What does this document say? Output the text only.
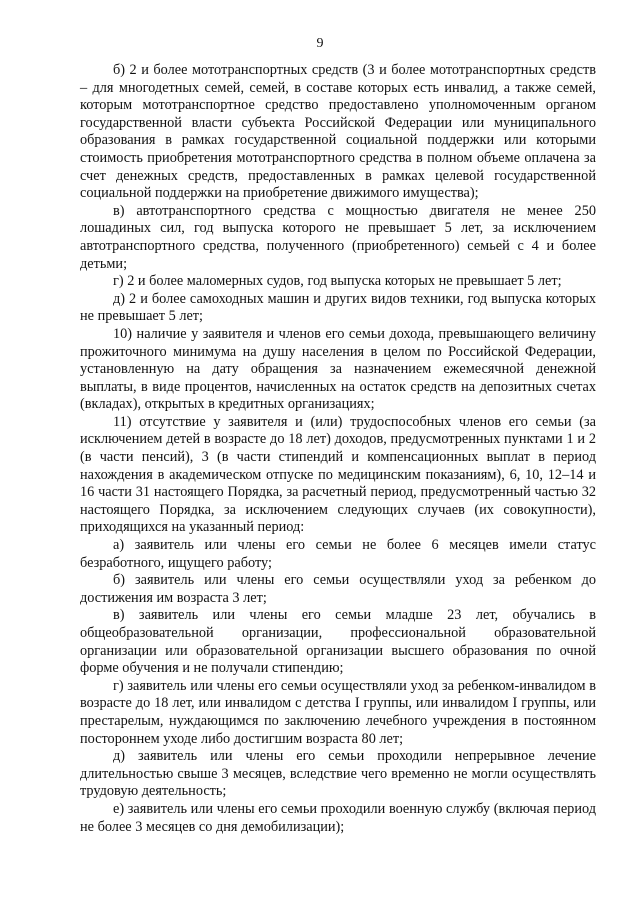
9

б) 2 и более мототранспортных средств (3 и более мототранспортных средств – для многодетных семей, семей, в составе которых есть инвалид, а также семей, которым мототранспортное средство предоставлено уполномоченным органом государственной власти субъекта Российской Федерации или муниципального образования в рамках государственной социальной поддержки или которыми стоимость приобретения мототранспортного средства в полном объеме оплачена за счет денежных средств, предоставленных в рамках целевой государственной социальной поддержки на приобретение движимого имущества);

в) автотранспортного средства с мощностью двигателя не менее 250 лошадиных сил, год выпуска которого не превышает 5 лет, за исключением автотранспортного средства, полученного (приобретенного) семьей с 4 и более детьми;

г) 2 и более маломерных судов, год выпуска которых не превышает 5 лет;

д) 2 и более самоходных машин и других видов техники, год выпуска которых не превышает 5 лет;

10) наличие у заявителя и членов его семьи дохода, превышающего величину прожиточного минимума на душу населения в целом по Российской Федерации, установленную на дату обращения за назначением ежемесячной денежной выплаты, в виде процентов, начисленных на остаток средств на депозитных счетах (вкладах), открытых в кредитных организациях;

11) отсутствие у заявителя и (или) трудоспособных членов его семьи (за исключением детей в возрасте до 18 лет) доходов, предусмотренных пунктами 1 и 2 (в части пенсий), 3 (в части стипендий и компенсационных выплат в период нахождения в академическом отпуске по медицинским показаниям), 6, 10, 12–14 и 16 части 31 настоящего Порядка, за расчетный период, предусмотренный частью 32 настоящего Порядка, за исключением следующих случаев (их совокупности), приходящихся на указанный период:

а) заявитель или члены его семьи не более 6 месяцев имели статус безработного, ищущего работу;

б) заявитель или члены его семьи осуществляли уход за ребенком до достижения им возраста 3 лет;

в) заявитель или члены его семьи младше 23 лет, обучались в общеобразовательной организации, профессиональной образовательной организации или образовательной организации высшего образования по очной форме обучения и не получали стипендию;

г) заявитель или члены его семьи осуществляли уход за ребенком-инвалидом в возрасте до 18 лет, или инвалидом с детства I группы, или инвалидом I группы, или престарелым, нуждающимся по заключению лечебного учреждения в постоянном постороннем уходе либо достигшим возраста 80 лет;

д) заявитель или члены его семьи проходили непрерывное лечение длительностью свыше 3 месяцев, вследствие чего временно не могли осуществлять трудовую деятельность;

е) заявитель или члены его семьи проходили военную службу (включая период не более 3 месяцев со дня демобилизации);
